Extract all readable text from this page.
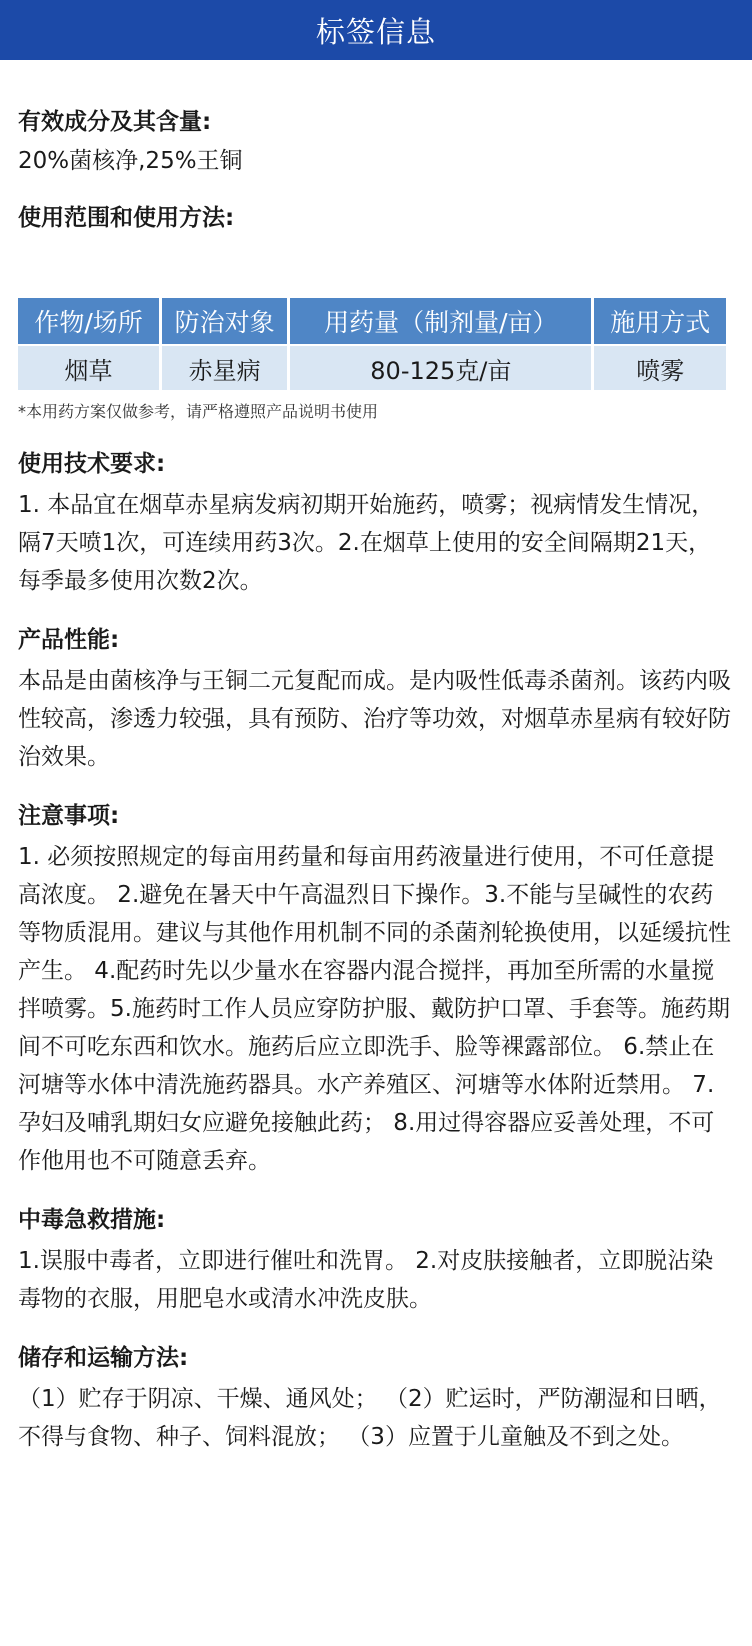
标签信息

有效成分及其含量:

20%菌核净,25%王铜

使用范围和使用方法:

作物/场所	防治对象	用药量（制剂量/亩）	施用方式
烟草	赤星病	80-125克/亩	喷雾

*本用药方案仅做参考，请严格遵照产品说明书使用

使用技术要求:

1. 本品宜在烟草赤星病发病初期开始施药，喷雾；视病情发生情况，隔7天喷1次，可连续用药3次。2.在烟草上使用的安全间隔期21天，每季最多使用次数2次。

产品性能:

本品是由菌核净与王铜二元复配而成。是内吸性低毒杀菌剂。该药内吸性较高，渗透力较强，具有预防、治疗等功效，对烟草赤星病有较好防治效果。

注意事项:

1. 必须按照规定的每亩用药量和每亩用药液量进行使用，不可任意提高浓度。 2.避免在暑天中午高温烈日下操作。3.不能与呈碱性的农药等物质混用。建议与其他作用机制不同的杀菌剂轮换使用，以延缓抗性产生。 4.配药时先以少量水在容器内混合搅拌，再加至所需的水量搅拌喷雾。5.施药时工作人员应穿防护服、戴防护口罩、手套等。施药期间不可吃东西和饮水。施药后应立即洗手、脸等裸露部位。 6.禁止在河塘等水体中清洗施药器具。水产养殖区、河塘等水体附近禁用。 7.孕妇及哺乳期妇女应避免接触此药； 8.用过得容器应妥善处理，不可作他用也不可随意丢弃。

中毒急救措施:

1.误服中毒者，立即进行催吐和洗胃。 2.对皮肤接触者，立即脱沾染毒物的衣服，用肥皂水或清水冲洗皮肤。

储存和运输方法:

（1）贮存于阴凉、干燥、通风处； （2）贮运时，严防潮湿和日晒，不得与食物、种子、饲料混放； （3）应置于儿童触及不到之处。
